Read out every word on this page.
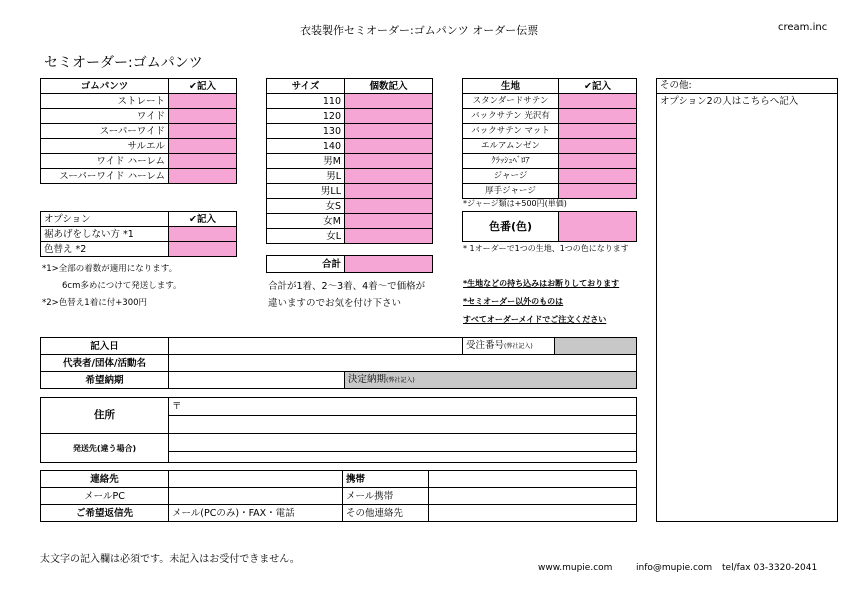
衣装製作セミオーダー:ゴムパンツ オーダー伝票	cream.inc
セミオーダー:ゴムパンツ
ゴムパンツ	✔記入
ストレート	
ワイド	
スーパーワイド	
サルエル	
ワイド ハーレム	
スーパーワイド ハーレム	
オプション	✔記入
裾あげをしない方 *1	
色替え *2	
*1>全部の着数が適用になります。
6cm多めにつけて発送します。
*2>色替え1着に付+300円
サイズ	個数記入
110	
120	
130	
140	
男M	
男L	
男LL	
女S	
女M	
女L	
合計	
合計が1着、2～3着、4着～で価格が
違いますのでお気を付け下さい
生地	✔記入
スタンダードサテン	
バックサテン 光沢有	
バックサテン マット	
エルアムンゼン	
ｸﾗｯｼｭﾍﾞﾛｱ	
ジャージ	
厚手ジャージ	
*ジャージ類は+500円(単価)
色番(色)	
* 1オーダーで1つの生地、1つの色になります
*生地などの持ち込みはお断りしております
*セミオーダー以外のものは
すべてオーダーメイドでご注文ください
その他:
オプション2の人はこちらへ記入
記入日			受注番号(弊社記入)	
代表者/団体/活動名				
希望納期		決定納期(弊社記入)		
住所	〒

発送先(違う場合)	

連絡先		携帯	
メールPC		メール携帯	
ご希望返信先	メール(PCのみ)・FAX・電話	その他連絡先	
太文字の記入欄は必須です。未記入はお受付できません。
www.mupie.com	info@mupie.com tel/fax 03-3320-2041
